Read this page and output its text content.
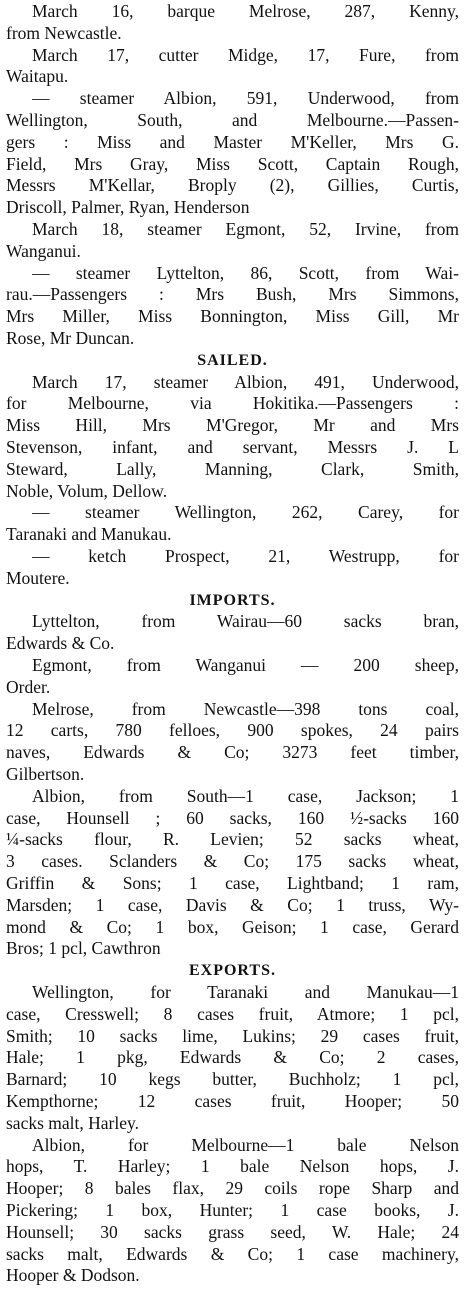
March 16, barque Melrose, 287, Kenny,
from Newcastle.
March 17, cutter Midge, 17, Fure, from
Waitapu.
— steamer Albion, 591, Underwood, from
Wellington, South, and Melbourne.—Passen-
gers : Miss and Master M'Keller, Mrs G.
Field, Mrs Gray, Miss Scott, Captain Rough,
Messrs M'Kellar, Broply (2), Gillies, Curtis,
Driscoll, Palmer, Ryan, Henderson
March 18, steamer Egmont, 52, Irvine, from
Wanganui.
— steamer Lyttelton, 86, Scott, from Wai-
rau.—Passengers : Mrs Bush, Mrs Simmons,
Mrs Miller, Miss Bonnington, Miss Gill, Mr
Rose, Mr Duncan.
SAILED.
March 17, steamer Albion, 491, Underwood,
for Melbourne, via Hokitika.—Passengers :
Miss Hill, Mrs M'Gregor, Mr and Mrs
Stevenson, infant, and servant, Messrs J. L
Steward, Lally, Manning, Clark, Smith,
Noble, Volum, Dellow.
— steamer Wellington, 262, Carey, for
Taranaki and Manukau.
— ketch Prospect, 21, Westrupp, for
Moutere.
IMPORTS.
Lyttelton, from Wairau—60 sacks bran,
Edwards & Co.
Egmont, from Wanganui — 200 sheep,
Order.
Melrose, from Newcastle—398 tons coal,
12 carts, 780 felloes, 900 spokes, 24 pairs
naves, Edwards & Co; 3273 feet timber,
Gilbertson.
Albion, from South—1 case, Jackson; 1
case, Hounsell ; 60 sacks, 160 ½-sacks 160
¼-sacks flour, R. Levien; 52 sacks wheat,
3 cases. Sclanders & Co; 175 sacks wheat,
Griffin & Sons; 1 case, Lightband; 1 ram,
Marsden; 1 case, Davis & Co; 1 truss, Wy-
mond & Co; 1 box, Geison; 1 case, Gerard
Bros; 1 pcl, Cawthron
EXPORTS.
Wellington, for Taranaki and Manukau—1
case, Cresswell; 8 cases fruit, Atmore; 1 pcl,
Smith; 10 sacks lime, Lukins; 29 cases fruit,
Hale; 1 pkg, Edwards & Co; 2 cases,
Barnard; 10 kegs butter, Buchholz; 1 pcl,
Kempthorne; 12 cases fruit, Hooper; 50
sacks malt, Harley.
Albion, for Melbourne—1 bale Nelson
hops, T. Harley; 1 bale Nelson hops, J.
Hooper; 8 bales flax, 29 coils rope Sharp and
Pickering; 1 box, Hunter; 1 case books, J.
Hounsell; 30 sacks grass seed, W. Hale; 24
sacks malt, Edwards & Co; 1 case machinery,
Hooper & Dodson.
